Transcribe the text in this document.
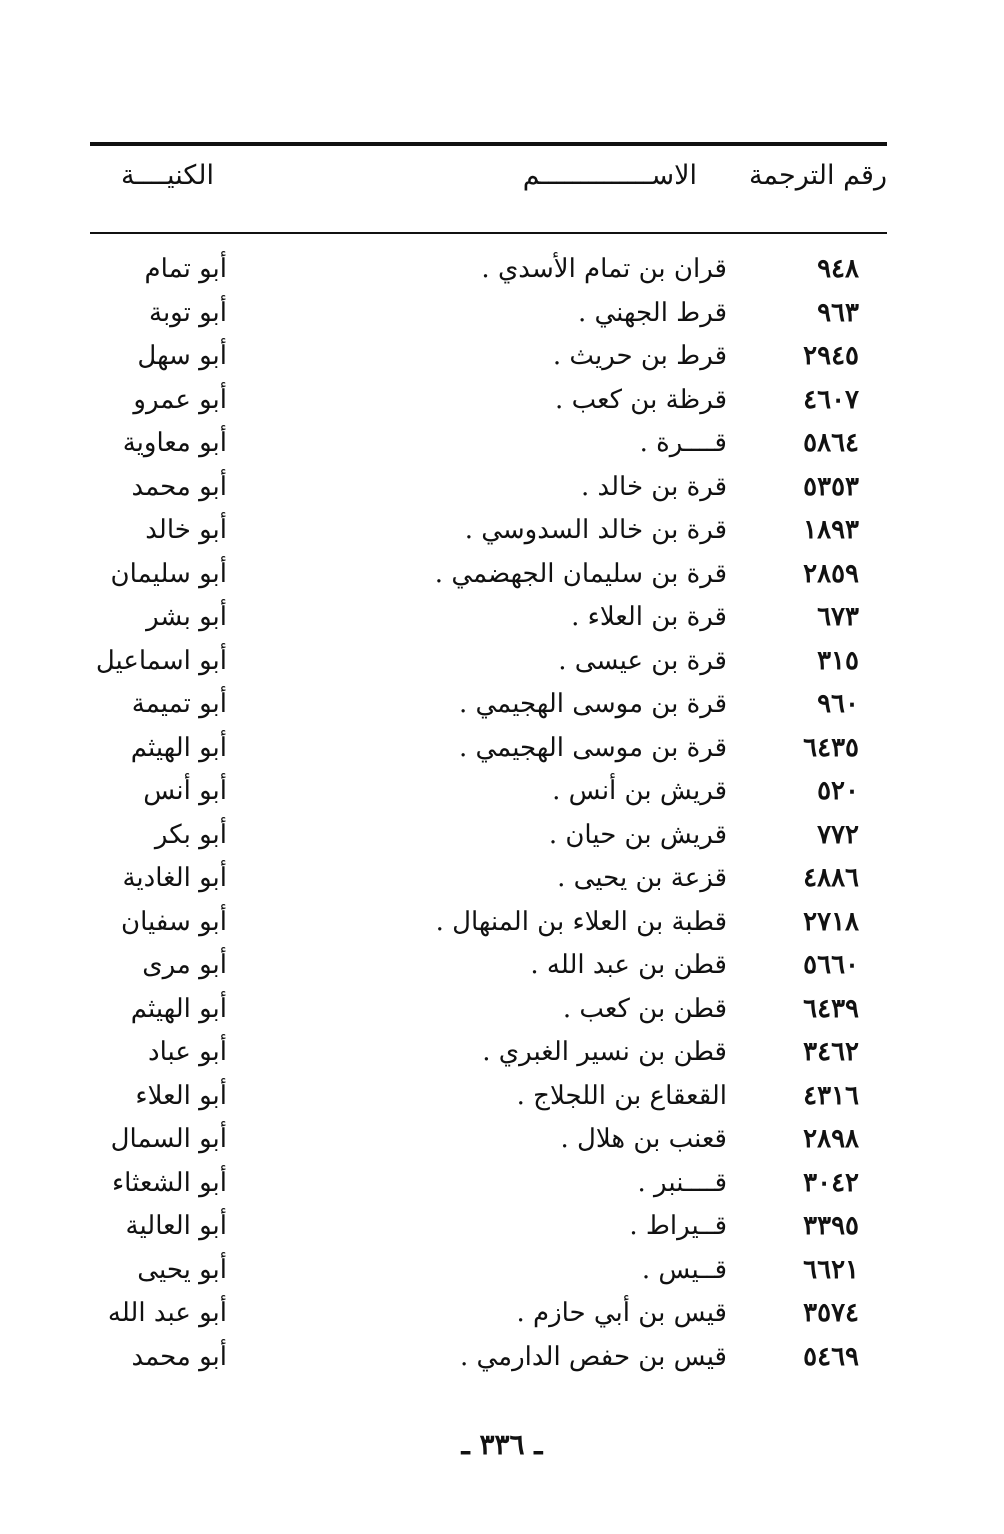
رقم الترجمة
الاســــــــــــــم
الكنيــــة
٩٤٨
قران بن تمام الأسدي .
أبو تمام
٩٦٣
قرط الجهني .
أبو توبة
٢٩٤٥
قرط بن حريث .
أبو سهل
٤٦٠٧
قرظة بن كعب .
أبو عمرو
٥٨٦٤
قــــرة .
أبو معاوية
٥٣٥٣
قرة بن خالد .
أبو محمد
١٨٩٣
قرة بن خالد السدوسي .
أبو خالد
٢٨٥٩
قرة بن سليمان الجهضمي .
أبو سليمان
٦٧٣
قرة بن العلاء .
أبو بشر
٣١٥
قرة بن عيسى .
أبو اسماعيل
٩٦٠
قرة بن موسى الهجيمي .
أبو تميمة
٦٤٣٥
قرة بن موسى الهجيمي .
أبو الهيثم
٥٢٠
قريش بن أنس .
أبو أنس
٧٧٢
قريش بن حيان .
أبو بكر
٤٨٨٦
قزعة بن يحيى .
أبو الغادية
٢٧١٨
قطبة بن العلاء بن المنهال .
أبو سفيان
٥٦٦٠
قطن بن عبد الله .
أبو مرى
٦٤٣٩
قطن بن كعب .
أبو الهيثم
٣٤٦٢
قطن بن نسير الغبري .
أبو عباد
٤٣١٦
القعقاع بن اللجلاج .
أبو العلاء
٢٨٩٨
قعنب بن هلال .
أبو السمال
٣٠٤٢
قــــنبر .
أبو الشعثاء
٣٣٩٥
قــيراط .
أبو العالية
٦٦٢١
قــيس .
أبو يحيى
٣٥٧٤
قيس بن أبي حازم .
أبو عبد الله
٥٤٦٩
قيس بن حفص الدارمي .
أبو محمد
ـ ٣٣٦ ـ
